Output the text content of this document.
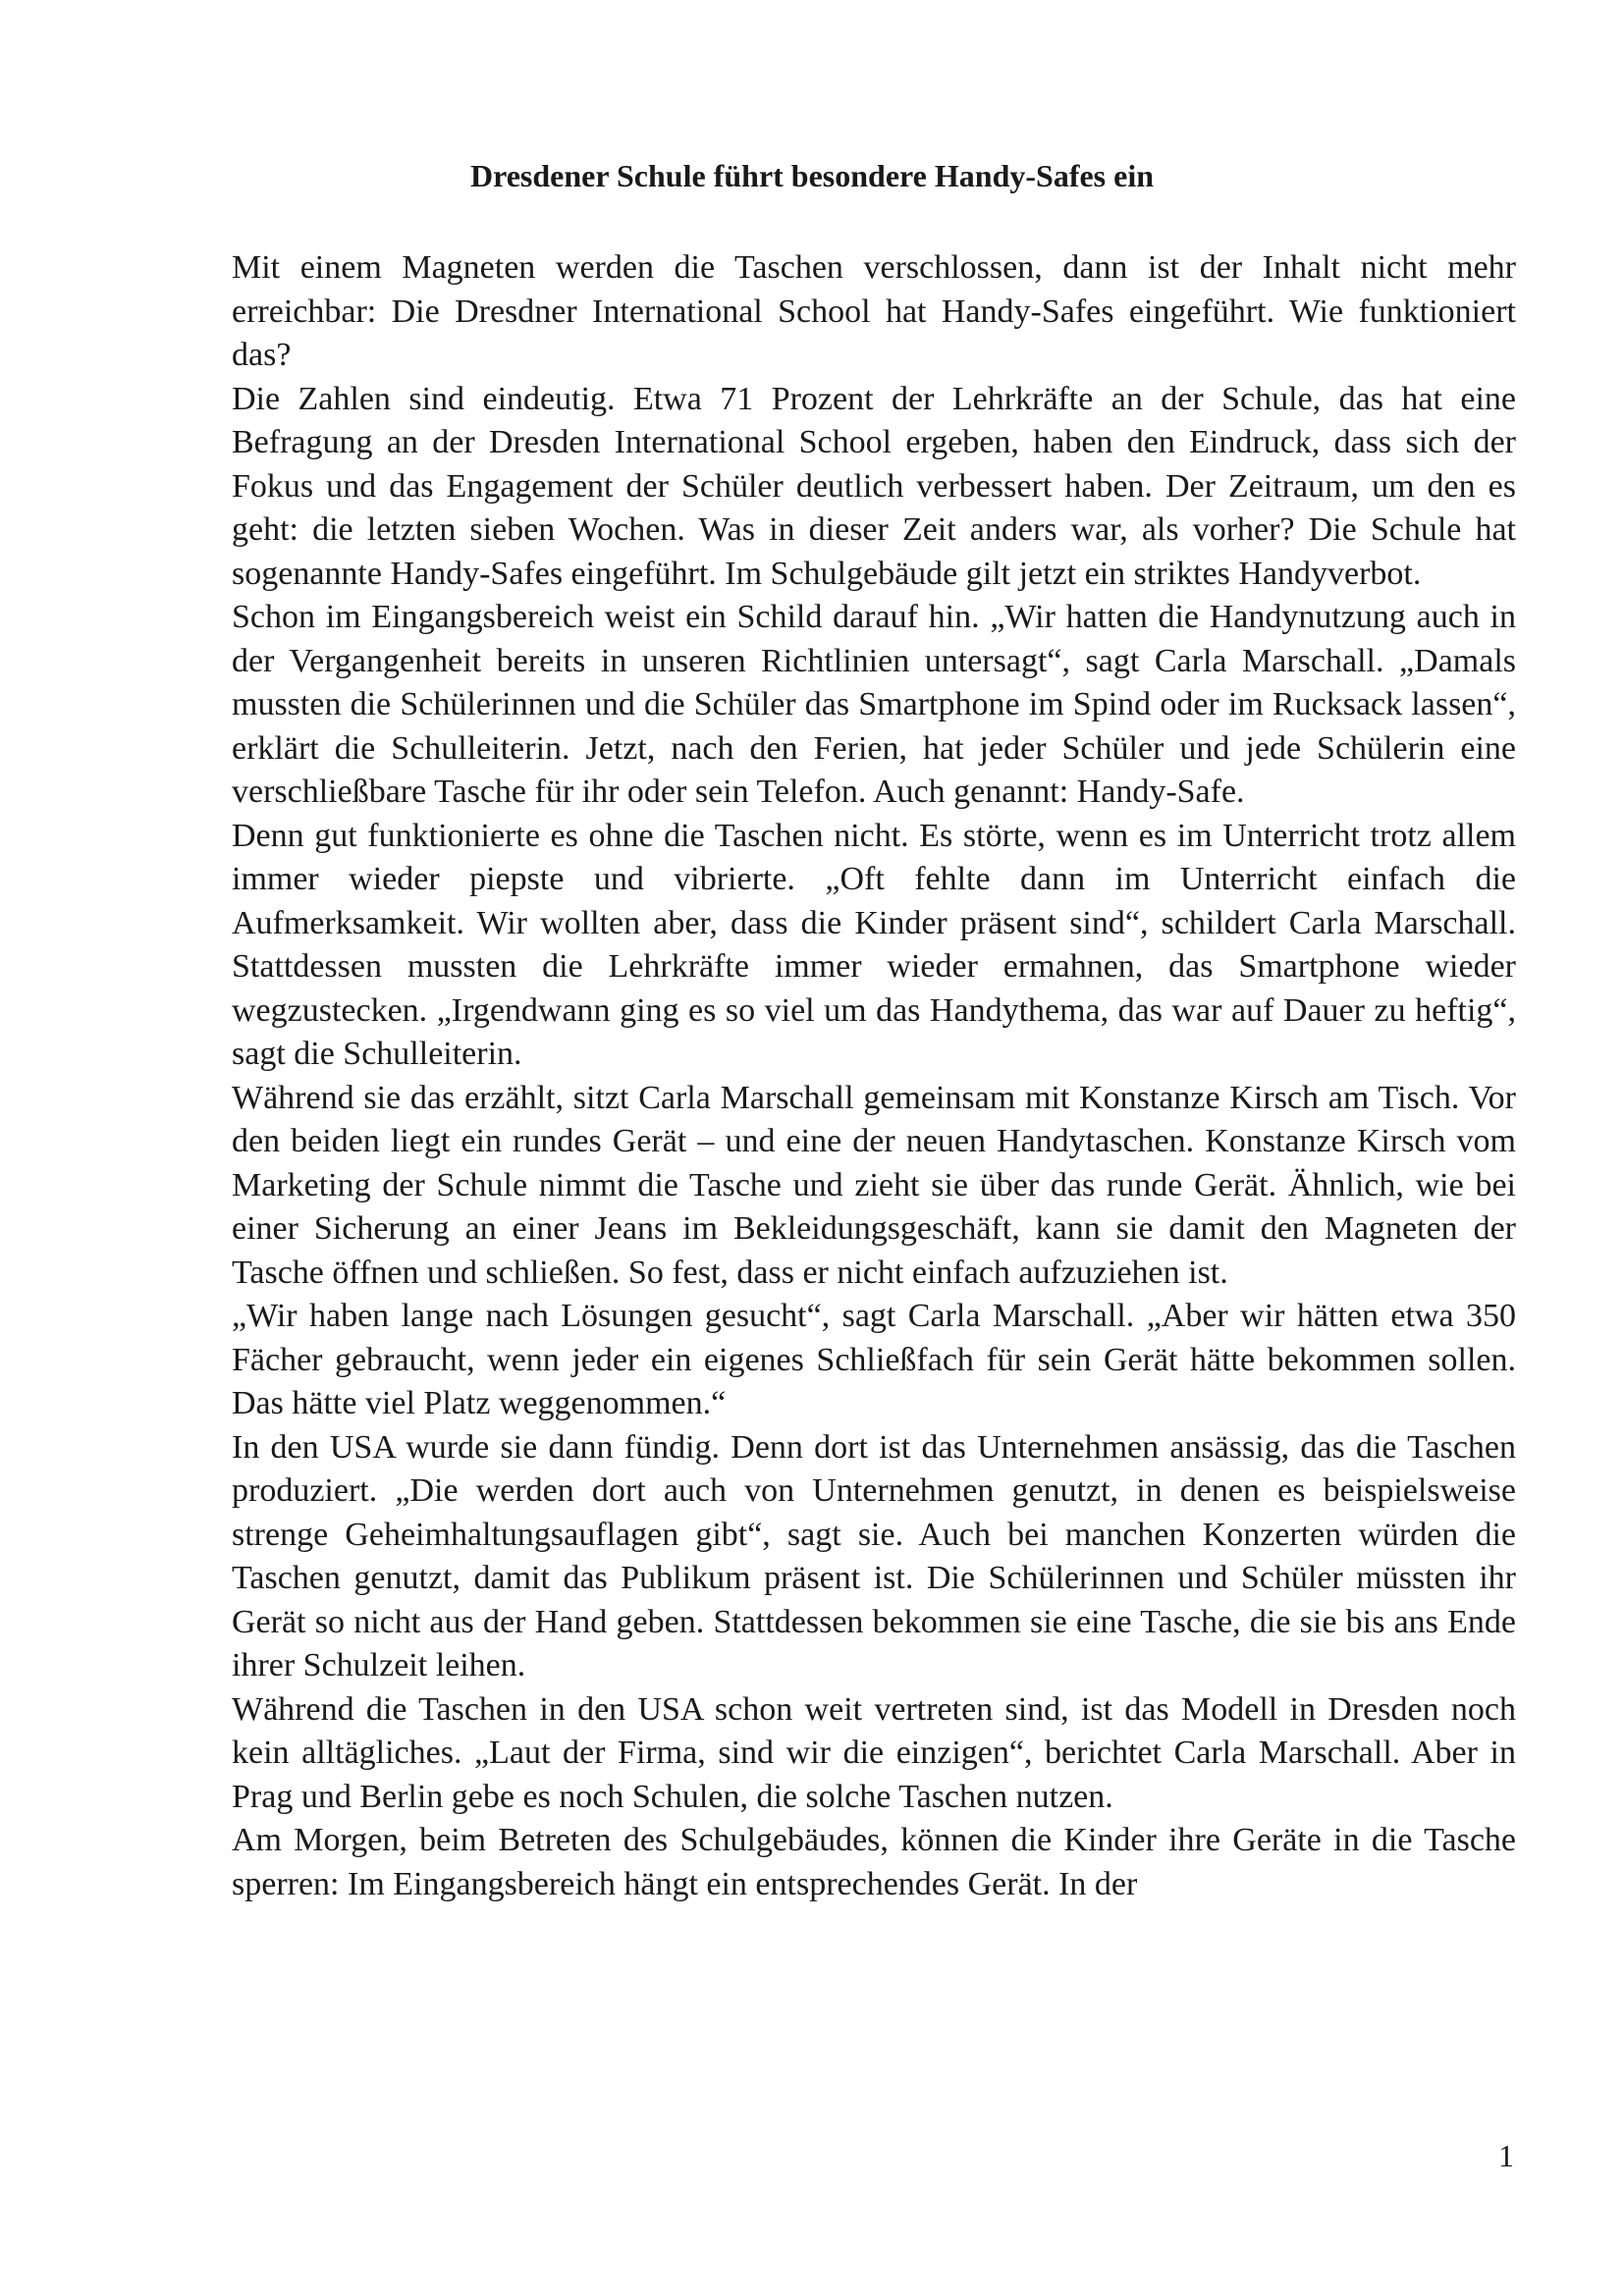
Dresdener Schule führt besondere Handy-Safes ein

Mit einem Magneten werden die Taschen verschlossen, dann ist der Inhalt nicht mehr erreichbar: Die Dresdner International School hat Handy-Safes eingeführt. Wie funktioniert das?

Die Zahlen sind eindeutig. Etwa 71 Prozent der Lehrkräfte an der Schule, das hat eine Befragung an der Dresden International School ergeben, haben den Eindruck, dass sich der Fokus und das Engagement der Schüler deutlich verbessert haben. Der Zeitraum, um den es geht: die letzten sieben Wochen. Was in dieser Zeit anders war, als vorher? Die Schule hat sogenannte Handy-Safes eingeführt. Im Schulgebäude gilt jetzt ein striktes Handyverbot.

Schon im Eingangsbereich weist ein Schild darauf hin. „Wir hatten die Handynutzung auch in der Vergangenheit bereits in unseren Richtlinien untersagt“, sagt Carla Marschall. „Damals mussten die Schülerinnen und die Schüler das Smartphone im Spind oder im Rucksack lassen“, erklärt die Schulleiterin. Jetzt, nach den Ferien, hat jeder Schüler und jede Schülerin eine verschließbare Tasche für ihr oder sein Telefon. Auch genannt: Handy-Safe.

Denn gut funktionierte es ohne die Taschen nicht. Es störte, wenn es im Unterricht trotz allem immer wieder piepste und vibrierte. „Oft fehlte dann im Unterricht einfach die Aufmerksamkeit. Wir wollten aber, dass die Kinder präsent sind“, schildert Carla Marschall. Stattdessen mussten die Lehrkräfte immer wieder ermahnen, das Smartphone wieder wegzustecken. „Irgendwann ging es so viel um das Handythema, das war auf Dauer zu heftig“, sagt die Schulleiterin.

Während sie das erzählt, sitzt Carla Marschall gemeinsam mit Konstanze Kirsch am Tisch. Vor den beiden liegt ein rundes Gerät – und eine der neuen Handytaschen. Konstanze Kirsch vom Marketing der Schule nimmt die Tasche und zieht sie über das runde Gerät. Ähnlich, wie bei einer Sicherung an einer Jeans im Bekleidungsgeschäft, kann sie damit den Magneten der Tasche öffnen und schließen. So fest, dass er nicht einfach aufzuziehen ist.

„Wir haben lange nach Lösungen gesucht“, sagt Carla Marschall. „Aber wir hätten etwa 350 Fächer gebraucht, wenn jeder ein eigenes Schließfach für sein Gerät hätte bekommen sollen. Das hätte viel Platz weggenommen.“

In den USA wurde sie dann fündig. Denn dort ist das Unternehmen ansässig, das die Taschen produziert. „Die werden dort auch von Unternehmen genutzt, in denen es beispielsweise strenge Geheimhaltungsauflagen gibt“, sagt sie. Auch bei manchen Konzerten würden die Taschen genutzt, damit das Publikum präsent ist. Die Schülerinnen und Schüler müssten ihr Gerät so nicht aus der Hand geben. Stattdessen bekommen sie eine Tasche, die sie bis ans Ende ihrer Schulzeit leihen.

Während die Taschen in den USA schon weit vertreten sind, ist das Modell in Dresden noch kein alltägliches. „Laut der Firma, sind wir die einzigen“, berichtet Carla Marschall. Aber in Prag und Berlin gebe es noch Schulen, die solche Taschen nutzen.

Am Morgen, beim Betreten des Schulgebäudes, können die Kinder ihre Geräte in die Tasche sperren: Im Eingangsbereich hängt ein entsprechendes Gerät. In der

1
